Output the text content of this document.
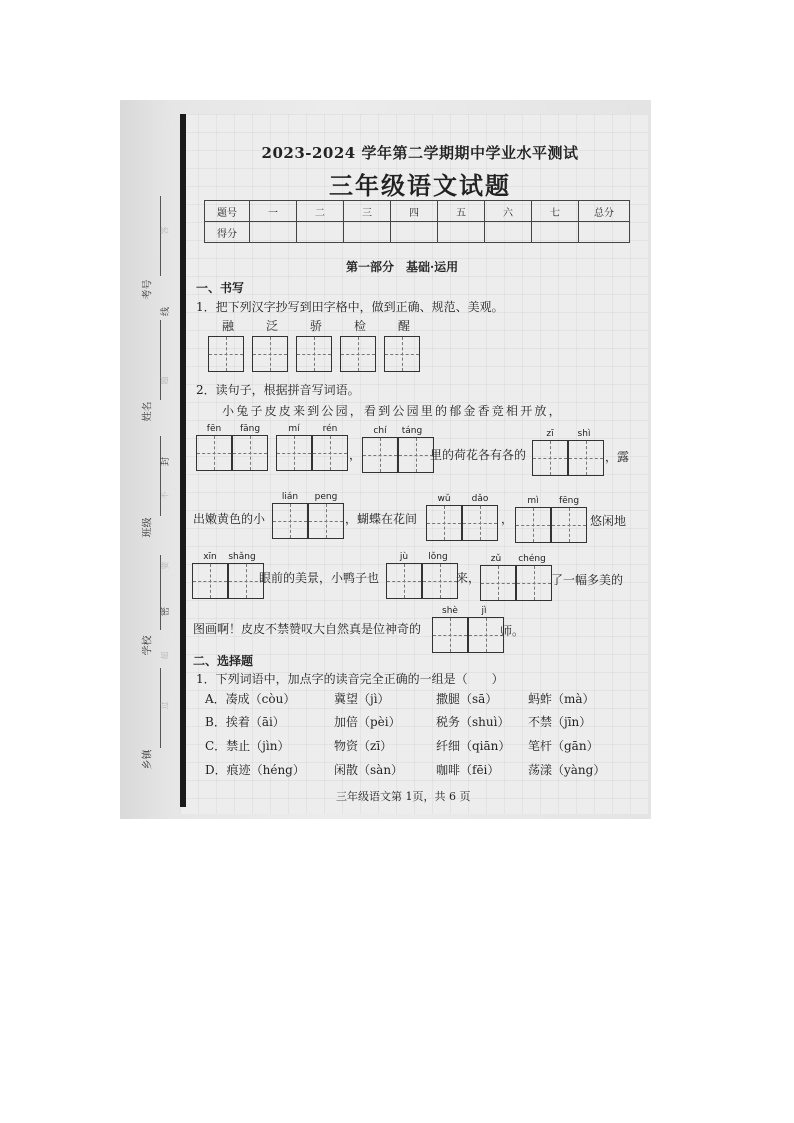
考号
姓名
班级
学校
乡镇
线
封
密
答
题
不
要
超
过
2023-2024 学年第二学期期中学业水平测试
三年级语文试题
题号	一	二	三	四	五	六	七	总分
得分								
第一部分　基础·运用
一、书写
1．把下列汉字抄写到田字格中，做到正确、规范、美观。
融	泛	骄	检	醒
2．读句子，根据拼音写词语。
小兔子皮皮来到公园，看到公园里的郁金香竞相开放，
fēn	fāng	mí	rén
，
chí	táng
里的荷花各有各的
zī	shì
，露
出嫩黄色的小
lián	peng
，蝴蝶在花间
wǔ	dǎo
，
mì	fēng
悠闲地
xīn	shǎng
眼前的美景，小鸭子也
jù	lǒng
来，
zǔ	chéng
了一幅多美的
图画啊！皮皮不禁赞叹大自然真是位神奇的
shè	jì
师。
二、选择题
1．下列词语中，加点字的读音完全正确的一组是（　　）
A．凑成（còu）	冀望（jì）	撒腿（sā）	蚂蚱（mà）
B．挨着（āi）	加倍（pèi）	税务（shuì） 不禁（jīn）
C．禁止（jìn）	物资（zī）	纤细（qiān） 笔杆（gān）
D．痕迹（héng） 闲散（sàn）	咖啡（fēi） 荡漾（yàng）
三年级语文第 1页，共 6 页
